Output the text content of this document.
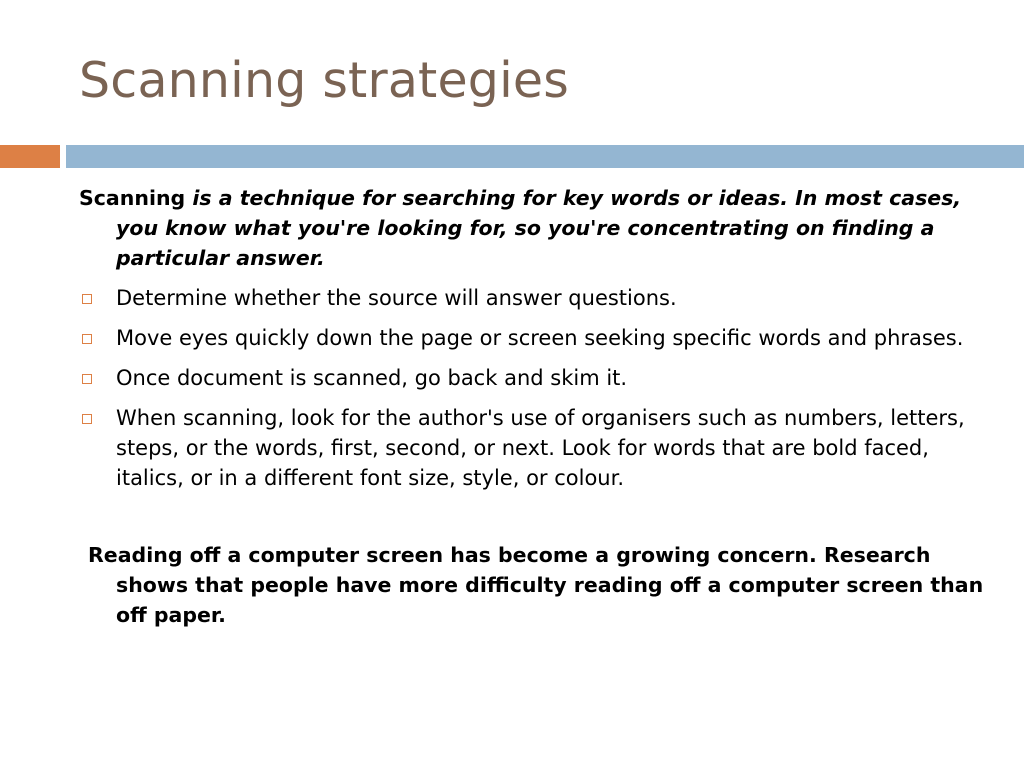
Scanning strategies

Scanning is a technique for searching for key words or ideas. In most cases, you know what you're looking for, so you're concentrating on finding a particular answer.

Determine whether the source will answer questions.
Move eyes quickly down the page or screen seeking specific words and phrases.
Once document is scanned, go back and skim it.
When scanning, look for the author's use of organisers such as numbers, letters, steps, or the words, first, second, or next. Look for words that are bold faced, italics, or in a different font size, style, or colour.

Reading off a computer screen has become a growing concern. Research shows that people have more difficulty reading off a computer screen than off paper.
